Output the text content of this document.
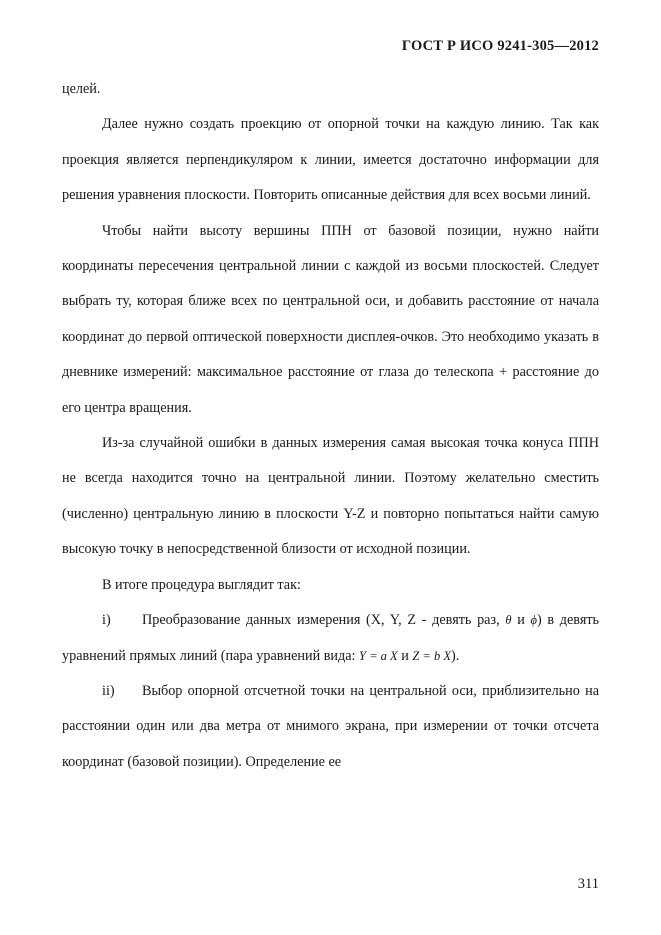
ГОСТ Р ИСО 9241-305—2012

целей.

Далее нужно создать проекцию от опорной точки на каждую линию. Так как проекция является перпендикуляром к линии, имеется достаточно информации для решения уравнения плоскости. Повторить описанные действия для всех восьми линий.

Чтобы найти высоту вершины ППН от базовой позиции, нужно найти координаты пересечения центральной линии с каждой из восьми плоскостей. Следует выбрать ту, которая ближе всех по центральной оси, и добавить расстояние от начала координат до первой оптической поверхности дисплея-очков. Это необходимо указать в дневнике измерений: максимальное расстояние от глаза до телескопа + расстояние до его центра вращения.

Из-за случайной ошибки в данных измерения самая высокая точка конуса ППН не всегда находится точно на центральной линии. Поэтому желательно сместить (численно) центральную линию в плоскости Y-Z и повторно попытаться найти самую высокую точку в непосредственной близости от исходной позиции.

В итоге процедура выглядит так:

i) Преобразование данных измерения (X, Y, Z - девять раз, θ и ϕ) в девять уравнений прямых линий (пара уравнений вида: Y = a X и Z = b X).

ii) Выбор опорной отсчетной точки на центральной оси, приблизительно на расстоянии один или два метра от мнимого экрана, при измерении от точки отсчета координат (базовой позиции). Определение ее

311
